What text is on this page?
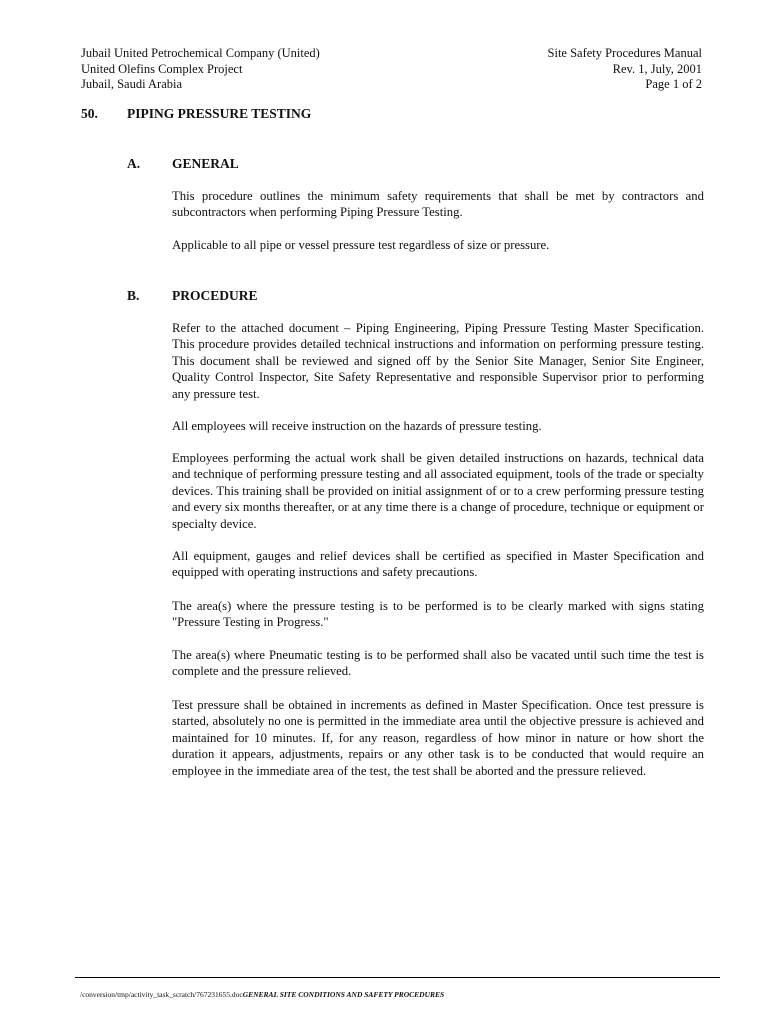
Jubail United Petrochemical Company (United)
United Olefins Complex Project
Jubail, Saudi Arabia
Site Safety Procedures Manual
Rev. 1, July, 2001
Page 1 of 2
50. PIPING PRESSURE TESTING
A. GENERAL

This procedure outlines the minimum safety requirements that shall be met by contractors and subcontractors when performing Piping Pressure Testing.

Applicable to all pipe or vessel pressure test regardless of size or pressure.

B. PROCEDURE

Refer to the attached document – Piping Engineering, Piping Pressure Testing Master Specification. This procedure provides detailed technical instructions and information on performing pressure testing. This document shall be reviewed and signed off by the Senior Site Manager, Senior Site Engineer, Quality Control Inspector, Site Safety Representative and responsible Supervisor prior to performing any pressure test.

All employees will receive instruction on the hazards of pressure testing.

Employees performing the actual work shall be given detailed instructions on hazards, technical data and technique of performing pressure testing and all associated equipment, tools of the trade or specialty devices. This training shall be provided on initial assignment of or to a crew performing pressure testing and every six months thereafter, or at any time there is a change of procedure, technique or equipment or specialty device.

All equipment, gauges and relief devices shall be certified as specified in Master Specification and equipped with operating instructions and safety precautions.

The area(s) where the pressure testing is to be performed is to be clearly marked with signs stating "Pressure Testing in Progress."

The area(s) where Pneumatic testing is to be performed shall also be vacated until such time the test is complete and the pressure relieved.

Test pressure shall be obtained in increments as defined in Master Specification. Once test pressure is started, absolutely no one is permitted in the immediate area until the objective pressure is achieved and maintained for 10 minutes. If, for any reason, regardless of how minor in nature or how short the duration it appears, adjustments, repairs or any other task is to be conducted that would require an employee in the immediate area of the test, the test shall be aborted and the pressure relieved.

/conversion/tmp/activity_task_scratch/767231655.docGENERAL SITE CONDITIONS AND SAFETY PROCEDURES
